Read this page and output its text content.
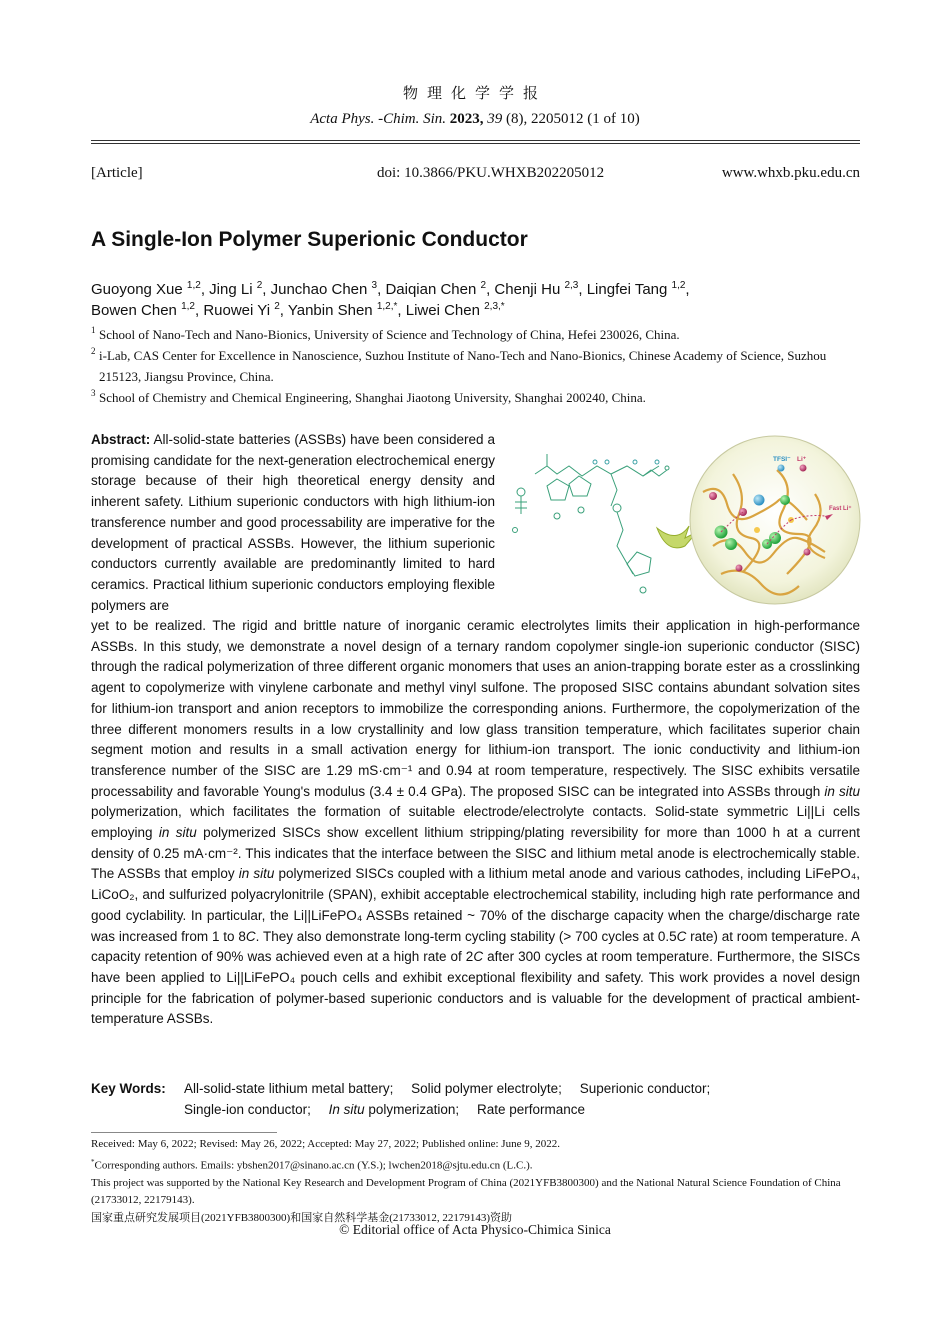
物理化学学报
Acta Phys. -Chim. Sin. 2023, 39 (8), 2205012 (1 of 10)
[Article]	doi: 10.3866/PKU.WHXB202205012	www.whxb.pku.edu.cn
A Single-Ion Polymer Superionic Conductor
Guoyong Xue $^{1,2}$, Jing Li $^2$, Junchao Chen $^3$, Daiqian Chen $^2$, Chenji Hu $^{2,3}$, Lingfei Tang $^{1,2}$,
Bowen Chen $^{1,2}$, Ruowei Yi $^2$, Yanbin Shen $^{1,2,*}$, Liwei Chen $^{2,3,*}$
1 School of Nano-Tech and Nano-Bionics, University of Science and Technology of China, Hefei 230026, China.
2 i-Lab, CAS Center for Excellence in Nanoscience, Suzhou Institute of Nano-Tech and Nano-Bionics, Chinese Academy of Science, Suzhou 215123, Jiangsu Province, China.
3 School of Chemistry and Chemical Engineering, Shanghai Jiaotong University, Shanghai 200240, China.
Abstract: All-solid-state batteries (ASSBs) have been considered a promising candidate for the next-generation electrochemical energy storage because of their high theoretical energy density and inherent safety. Lithium superionic conductors with high lithium-ion transference number and good processability are imperative for the development of practical ASSBs. However, the lithium superionic conductors currently available are predominantly limited to hard ceramics. Practical lithium superionic conductors employing flexible polymers are
TFSI⁻ Li⁺
Fast Li⁺
yet to be realized. The rigid and brittle nature of inorganic ceramic electrolytes limits their application in high-performance ASSBs. In this study, we demonstrate a novel design of a ternary random copolymer single-ion superionic conductor (SISC) through the radical polymerization of three different organic monomers that uses an anion-trapping borate ester as a crosslinking agent to copolymerize with vinylene carbonate and methyl vinyl sulfone. The proposed SISC contains abundant solvation sites for lithium-ion transport and anion receptors to immobilize the corresponding anions. Furthermore, the copolymerization of the three different monomers results in a low crystallinity and low glass transition temperature, which facilitates superior chain segment motion and results in a small activation energy for lithium-ion transport. The ionic conductivity and lithium-ion transference number of the SISC are 1.29 mS·cm⁻¹ and 0.94 at room temperature, respectively. The SISC exhibits versatile processability and favorable Young's modulus (3.4 ± 0.4 GPa). The proposed SISC can be integrated into ASSBs through in situ polymerization, which facilitates the formation of suitable electrode/electrolyte contacts. Solid-state symmetric Li||Li cells employing in situ polymerized SISCs show excellent lithium stripping/plating reversibility for more than 1000 h at a current density of 0.25 mA·cm⁻². This indicates that the interface between the SISC and lithium metal anode is electrochemically stable. The ASSBs that employ in situ polymerized SISCs coupled with a lithium metal anode and various cathodes, including LiFePO₄, LiCoO₂, and sulfurized polyacrylonitrile (SPAN), exhibit acceptable electrochemical stability, including high rate performance and good cyclability. In particular, the Li||LiFePO₄ ASSBs retained ~ 70% of the discharge capacity when the charge/discharge rate was increased from 1 to 8C. They also demonstrate long-term cycling stability (> 700 cycles at 0.5C rate) at room temperature. A capacity retention of 90% was achieved even at a high rate of 2C after 300 cycles at room temperature. Furthermore, the SISCs have been applied to Li||LiFePO₄ pouch cells and exhibit exceptional flexibility and safety. This work provides a novel design principle for the fabrication of polymer-based superionic conductors and is valuable for the development of practical ambient-temperature ASSBs.
Key Words: All-solid-state lithium metal battery; Solid polymer electrolyte; Superionic conductor;
Single-ion conductor; In situ polymerization; Rate performance
Received: May 6, 2022; Revised: May 26, 2022; Accepted: May 27, 2022; Published online: June 9, 2022.
*Corresponding authors. Emails: ybshen2017@sinano.ac.cn (Y.S.); lwchen2018@sjtu.edu.cn (L.C.).
This project was supported by the National Key Research and Development Program of China (2021YFB3800300) and the National Natural Science Foundation of China (21733012, 22179143).
国家重点研究发展项目(2021YFB3800300)和国家自然科学基金(21733012, 22179143)资助
© Editorial office of Acta Physico-Chimica Sinica
